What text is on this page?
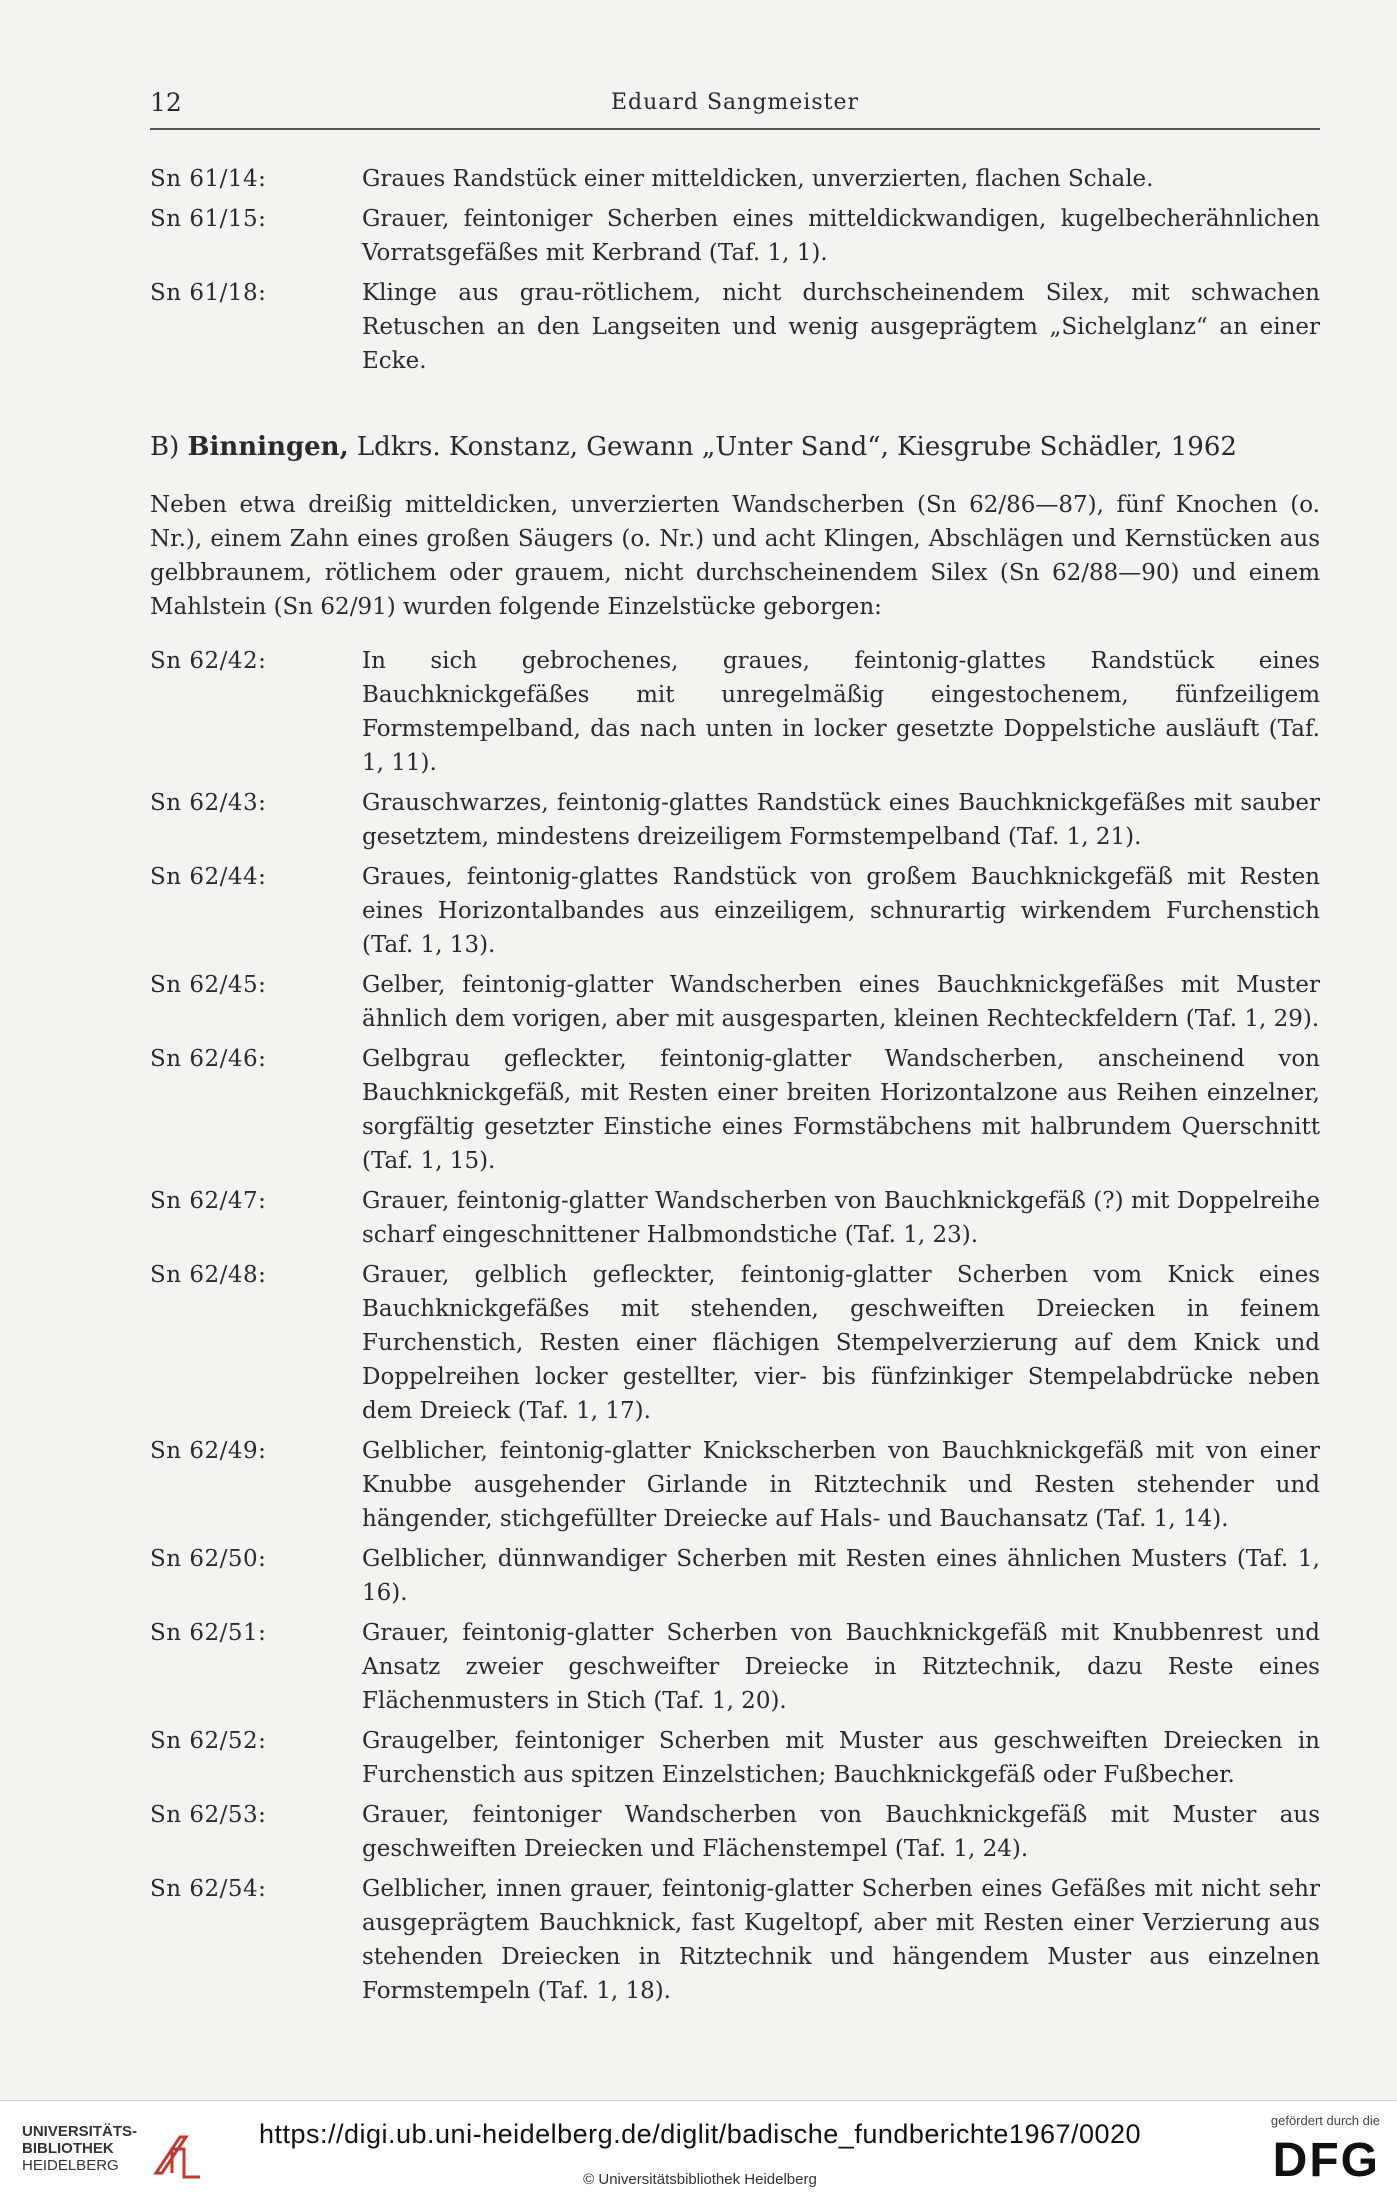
12	Eduard Sangmeister
Sn 61/14:	Graues Randstück einer mitteldicken, unverzierten, flachen Schale.
Sn 61/15:	Grauer, feintoniger Scherben eines mitteldickwandigen, kugelbecherähnlichen Vorratsgefäßes mit Kerbrand (Taf. 1, 1).
Sn 61/18:	Klinge aus grau-rötlichem, nicht durchscheinendem Silex, mit schwachen Retuschen an den Langseiten und wenig ausgeprägtem „Sichelglanz“ an einer Ecke.
B) Binningen, Ldkrs. Konstanz, Gewann „Unter Sand“, Kiesgrube Schädler, 1962
Neben etwa dreißig mitteldicken, unverzierten Wandscherben (Sn 62/86—87), fünf Knochen (o. Nr.), einem Zahn eines großen Säugers (o. Nr.) und acht Klingen, Abschlägen und Kernstücken aus gelbbraunem, rötlichem oder grauem, nicht durchscheinendem Silex (Sn 62/88—90) und einem Mahlstein (Sn 62/91) wurden folgende Einzelstücke geborgen:
Sn 62/42:	In sich gebrochenes, graues, feintonig-glattes Randstück eines Bauchknickgefäßes mit unregelmäßig eingestochenem, fünfzeiligem Formstempelband, das nach unten in locker gesetzte Doppelstiche ausläuft (Taf. 1, 11).
Sn 62/43:	Grauschwarzes, feintonig-glattes Randstück eines Bauchknickgefäßes mit sauber gesetztem, mindestens dreizeiligem Formstempelband (Taf. 1, 21).
Sn 62/44:	Graues, feintonig-glattes Randstück von großem Bauchknickgefäß mit Resten eines Horizontalbandes aus einzeiligem, schnurartig wirkendem Furchenstich (Taf. 1, 13).
Sn 62/45:	Gelber, feintonig-glatter Wandscherben eines Bauchknickgefäßes mit Muster ähnlich dem vorigen, aber mit ausgesparten, kleinen Rechteckfeldern (Taf. 1, 29).
Sn 62/46:	Gelbgrau gefleckter, feintonig-glatter Wandscherben, anscheinend von Bauchknickgefäß, mit Resten einer breiten Horizontalzone aus Reihen einzelner, sorgfältig gesetzter Einstiche eines Formstäbchens mit halbrundem Querschnitt (Taf. 1, 15).
Sn 62/47:	Grauer, feintonig-glatter Wandscherben von Bauchknickgefäß (?) mit Doppelreihe scharf eingeschnittener Halbmondstiche (Taf. 1, 23).
Sn 62/48:	Grauer, gelblich gefleckter, feintonig-glatter Scherben vom Knick eines Bauchknickgefäßes mit stehenden, geschweiften Dreiecken in feinem Furchenstich, Resten einer flächigen Stempelverzierung auf dem Knick und Doppelreihen locker gestellter, vier- bis fünfzinkiger Stempelabdrücke neben dem Dreieck (Taf. 1, 17).
Sn 62/49:	Gelblicher, feintonig-glatter Knickscherben von Bauchknickgefäß mit von einer Knubbe ausgehender Girlande in Ritztechnik und Resten stehender und hängender, stichgefüllter Dreiecke auf Hals- und Bauchansatz (Taf. 1, 14).
Sn 62/50:	Gelblicher, dünnwandiger Scherben mit Resten eines ähnlichen Musters (Taf. 1, 16).
Sn 62/51:	Grauer, feintonig-glatter Scherben von Bauchknickgefäß mit Knubbenrest und Ansatz zweier geschweifter Dreiecke in Ritztechnik, dazu Reste eines Flächenmusters in Stich (Taf. 1, 20).
Sn 62/52:	Graugelber, feintoniger Scherben mit Muster aus geschweiften Dreiecken in Furchenstich aus spitzen Einzelstichen; Bauchknickgefäß oder Fußbecher.
Sn 62/53:	Grauer, feintoniger Wandscherben von Bauchknickgefäß mit Muster aus geschweiften Dreiecken und Flächenstempel (Taf. 1, 24).
Sn 62/54:	Gelblicher, innen grauer, feintonig-glatter Scherben eines Gefäßes mit nicht sehr ausgeprägtem Bauchknick, fast Kugeltopf, aber mit Resten einer Verzierung aus stehenden Dreiecken in Ritztechnik und hängendem Muster aus einzelnen Formstempeln (Taf. 1, 18).
UNIVERSITÄTS-
BIBLIOTHEK
HEIDELBERG
https://digi.ub.uni-heidelberg.de/diglit/badische_fundberichte1967/0020
© Universitätsbibliothek Heidelberg
gefördert durch die
DFG
